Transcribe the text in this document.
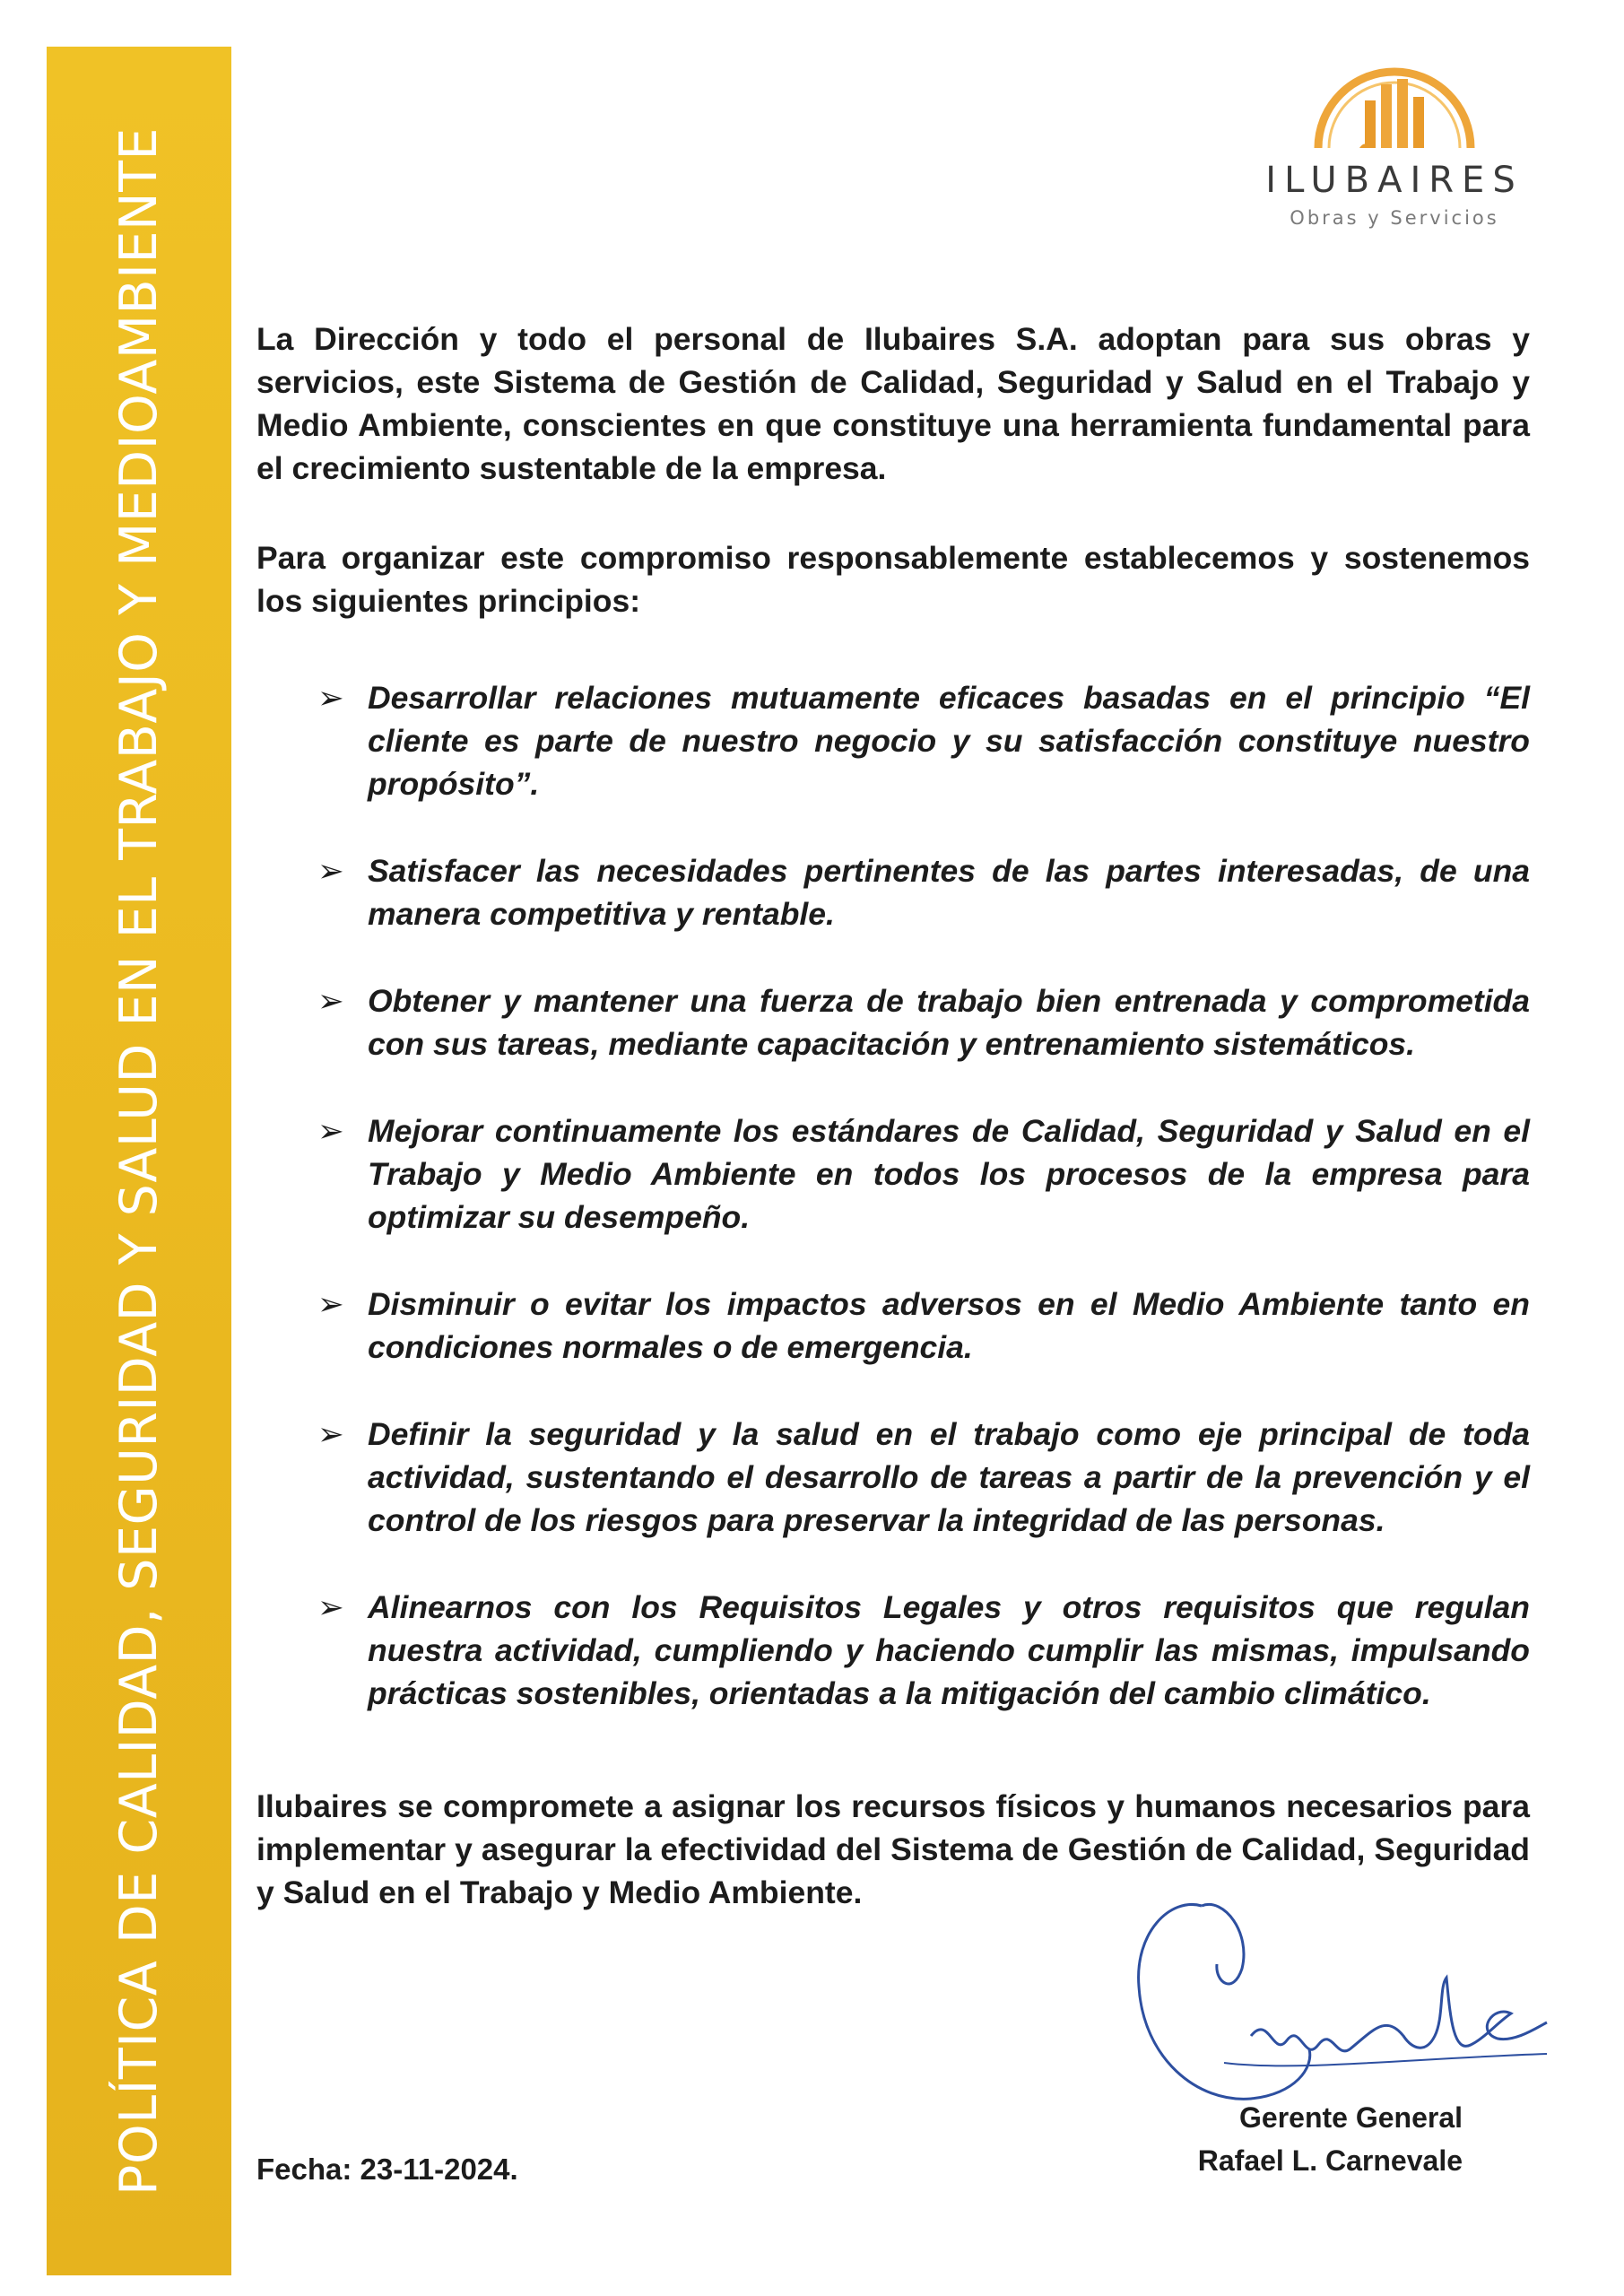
POLÍTICA DE CALIDAD, SEGURIDAD Y SALUD EN EL TRABAJO Y MEDIOAMBIENTE	ILUBAIRES
Obras y Servicios

La Dirección y todo el personal de Ilubaires S.A. adoptan para sus obras y servicios, este Sistema de Gestión de Calidad, Seguridad y Salud en el Trabajo y Medio Ambiente, conscientes en que constituye una herramienta fundamental para el crecimiento sustentable de la empresa.

Para organizar este compromiso responsablemente establecemos y sostenemos los siguientes principios:

➢ Desarrollar relaciones mutuamente eficaces basadas en el principio “El cliente es parte de nuestro negocio y su satisfacción constituye nuestro propósito”.
➢ Satisfacer las necesidades pertinentes de las partes interesadas, de una manera competitiva y rentable.
➢ Obtener y mantener una fuerza de trabajo bien entrenada y comprometida con sus tareas, mediante capacitación y entrenamiento sistemáticos.
➢ Mejorar continuamente los estándares de Calidad, Seguridad y Salud en el Trabajo y Medio Ambiente en todos los procesos de la empresa para optimizar su desempeño.
➢ Disminuir o evitar los impactos adversos en el Medio Ambiente tanto en condiciones normales o de emergencia.
➢ Definir la seguridad y la salud en el trabajo como eje principal de toda actividad, sustentando el desarrollo de tareas a partir de la prevención y el control de los riesgos para preservar la integridad de las personas.
➢ Alinearnos con los Requisitos Legales y otros requisitos que regulan nuestra actividad, cumpliendo y haciendo cumplir las mismas, impulsando prácticas sostenibles, orientadas a la mitigación del cambio climático.

Ilubaires se compromete a asignar los recursos físicos y humanos necesarios para implementar y asegurar la efectividad del Sistema de Gestión de Calidad, Seguridad y Salud en el Trabajo y Medio Ambiente.

Gerente General
Rafael L. Carnevale
Fecha: 23-11-2024.
